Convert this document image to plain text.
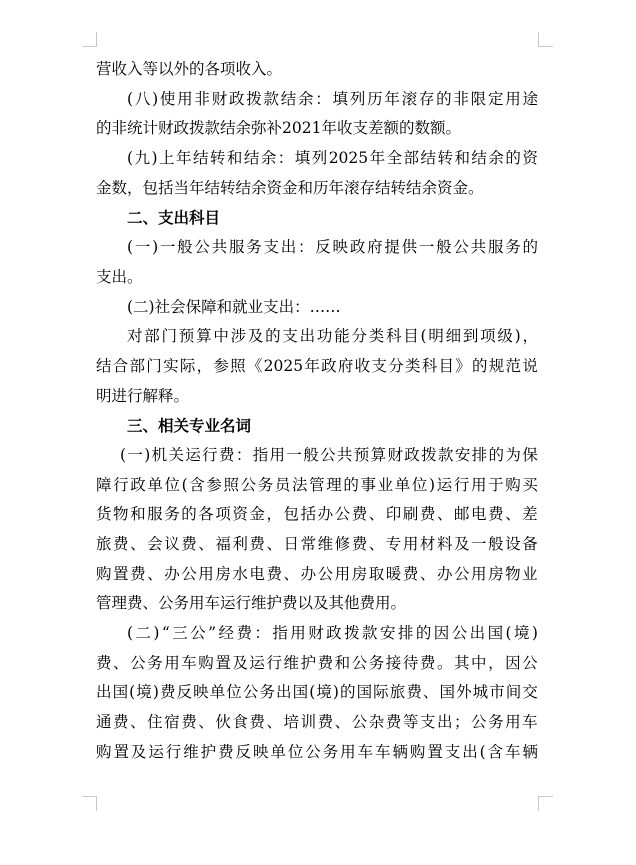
营收入等以外的各项收入。
( 八 ) 使 用 非 财 政 拨 款 结 余 ： 填 列 历 年 滚 存 的 非 限 定 用 途
的非统计财政拨款结余弥补2021年收支差额的数额。
( 九 ) 上 年 结 转 和 结 余 ： 填 列 2025 年 全 部 结 转 和 结 余 的 资
金数，包括当年结转结余资金和历年滚存结转结余资金。
二、支出科目
( 一 ) 一 般 公 共 服 务 支 出 ： 反 映 政 府 提 供 一 般 公 共 服 务 的
支出。
(二)社会保障和就业支出：……
对 部 门 预 算 中 涉 及 的 支 出 功 能 分 类 科 目 ( 明 细 到 项 级 ) ，
结 合 部 门 实 际 ， 参 照 《 2025 年 政 府 收 支 分 类 科 目 》 的 规 范 说
明进行解释。
三、相关专业名词
( 一 ) 机 关 运 行 费 ： 指 用 一 般 公 共 预 算 财 政 拨 款 安 排 的 为 保
障 行 政 单 位 ( 含 参 照 公 务 员 法 管 理 的 事 业 单 位 ) 运 行 用 于 购 买
货 物 和 服 务 的 各 项 资 金 ， 包 括 办 公 费 、 印 刷 费 、 邮 电 费 、 差
旅 费 、 会 议 费 、 福 利 费 、 日 常 维 修 费 、 专 用 材 料 及 一 般 设 备
购 置 费 、 办 公 用 房 水 电 费 、 办 公 用 房 取 暖 费 、 办 公 用 房 物 业
管理费、公务用车运行维护费以及其他费用。
( 二 ) “ 三 公 ” 经 费 ： 指 用 财 政 拨 款 安 排 的 因 公 出 国 ( 境 )
费 、 公 务 用 车 购 置 及 运 行 维 护 费 和 公 务 接 待 费 。 其 中 ， 因 公
出 国 ( 境 ) 费 反 映 单 位 公 务 出 国 ( 境 ) 的 国 际 旅 费 、 国 外 城 市 间 交
通 费 、 住 宿 费 、 伙 食 费 、 培 训 费 、 公 杂 费 等 支 出 ； 公 务 用 车
购 置 及 运 行 维 护 费 反 映 单 位 公 务 用 车 车 辆 购 置 支 出 ( 含 车 辆
